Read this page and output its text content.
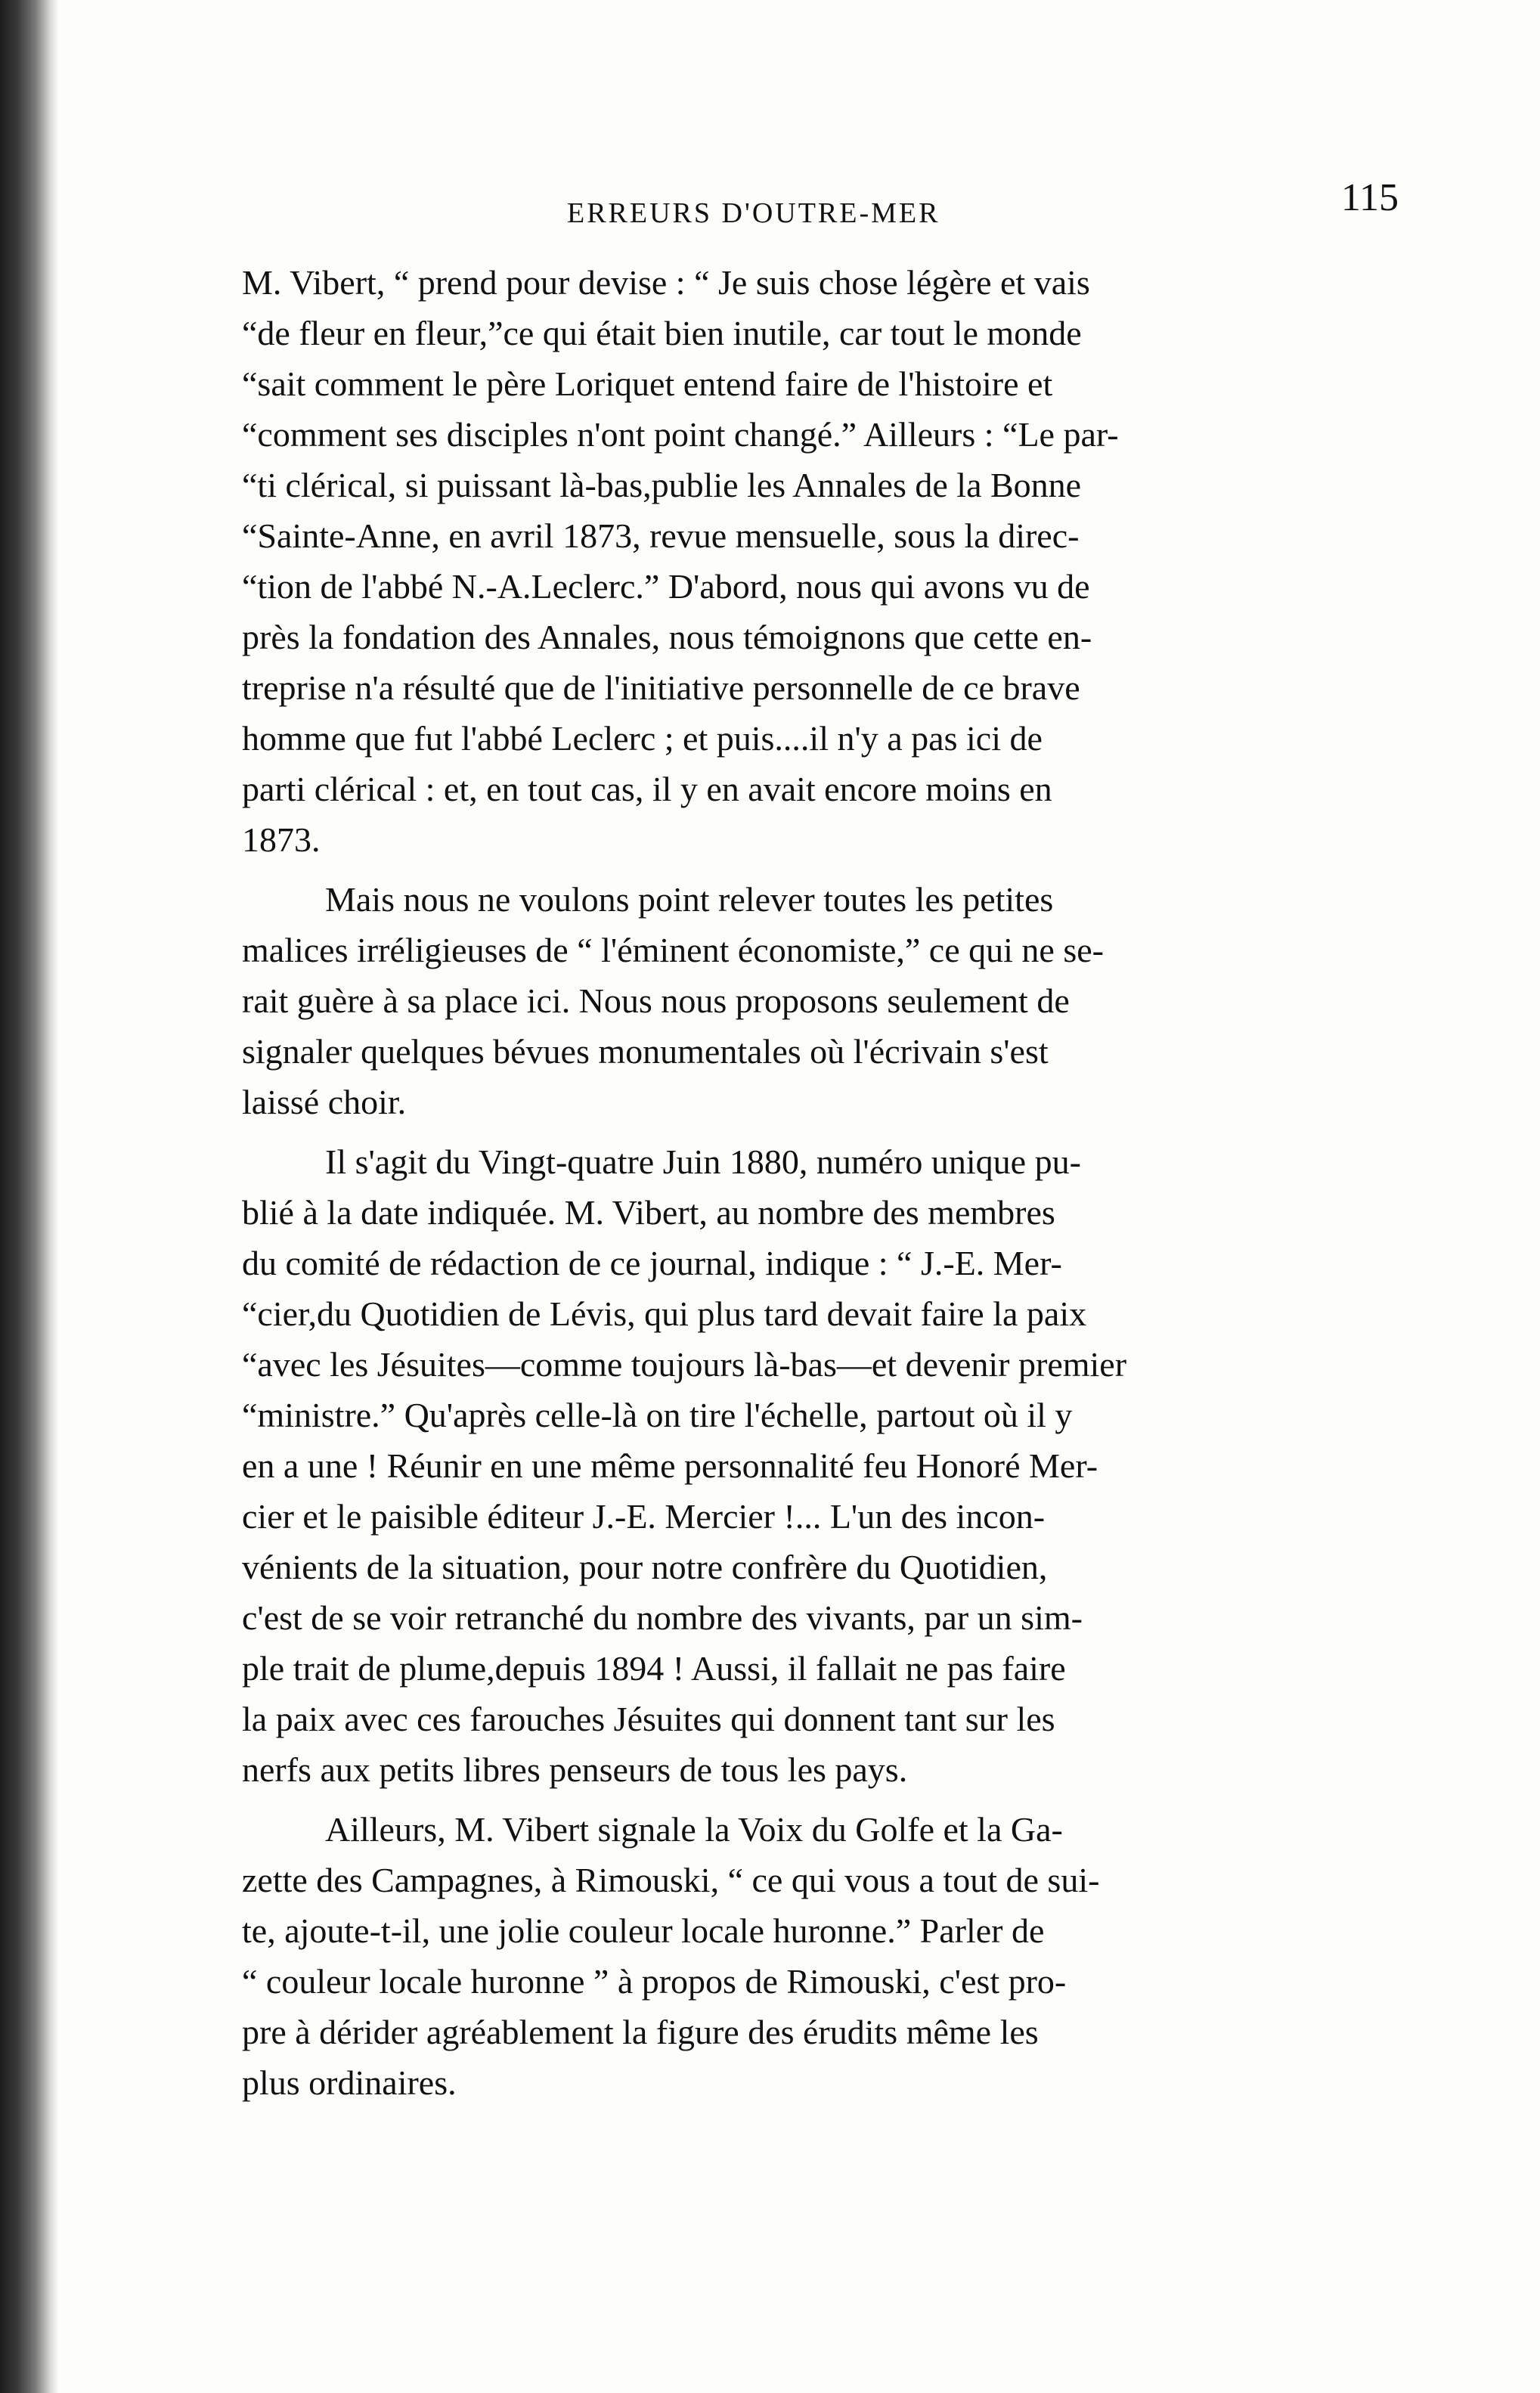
ERREURS D'OUTRE-MER	115
M. Vibert, “ prend pour devise : “ Je suis chose légère et vais
“de fleur en fleur,”ce qui était bien inutile, car tout le monde
“sait comment le père Loriquet entend faire de l'histoire et
“comment ses disciples n'ont point changé.” Ailleurs : “Le par-
“ti clérical, si puissant là-bas,publie les Annales de la Bonne
“Sainte-Anne, en avril 1873, revue mensuelle, sous la direc-
“tion de l'abbé N.-A.Leclerc.” D'abord, nous qui avons vu de
près la fondation des Annales, nous témoignons que cette en-
treprise n'a résulté que de l'initiative personnelle de ce brave
homme que fut l'abbé Leclerc ; et puis....il n'y a pas ici de
parti clérical : et, en tout cas, il y en avait encore moins en
1873.
Mais nous ne voulons point relever toutes les petites
malices irréligieuses de “ l'éminent économiste,” ce qui ne se-
rait guère à sa place ici. Nous nous proposons seulement de
signaler quelques bévues monumentales où l'écrivain s'est
laissé choir.
Il s'agit du Vingt-quatre Juin 1880, numéro unique pu-
blié à la date indiquée. M. Vibert, au nombre des membres
du comité de rédaction de ce journal, indique : “ J.-E. Mer-
“cier,du Quotidien de Lévis, qui plus tard devait faire la paix
“avec les Jésuites—comme toujours là-bas—et devenir premier
“ministre.” Qu'après celle-là on tire l'échelle, partout où il y
en a une ! Réunir en une même personnalité feu Honoré Mer-
cier et le paisible éditeur J.-E. Mercier !... L'un des incon-
vénients de la situation, pour notre confrère du Quotidien,
c'est de se voir retranché du nombre des vivants, par un sim-
ple trait de plume,depuis 1894 ! Aussi, il fallait ne pas faire
la paix avec ces farouches Jésuites qui donnent tant sur les
nerfs aux petits libres penseurs de tous les pays.
Ailleurs, M. Vibert signale la Voix du Golfe et la Ga-
zette des Campagnes, à Rimouski, “ ce qui vous a tout de sui-
te, ajoute-t-il, une jolie couleur locale huronne.” Parler de
“ couleur locale huronne ” à propos de Rimouski, c'est pro-
pre à dérider agréablement la figure des érudits même les
plus ordinaires.
